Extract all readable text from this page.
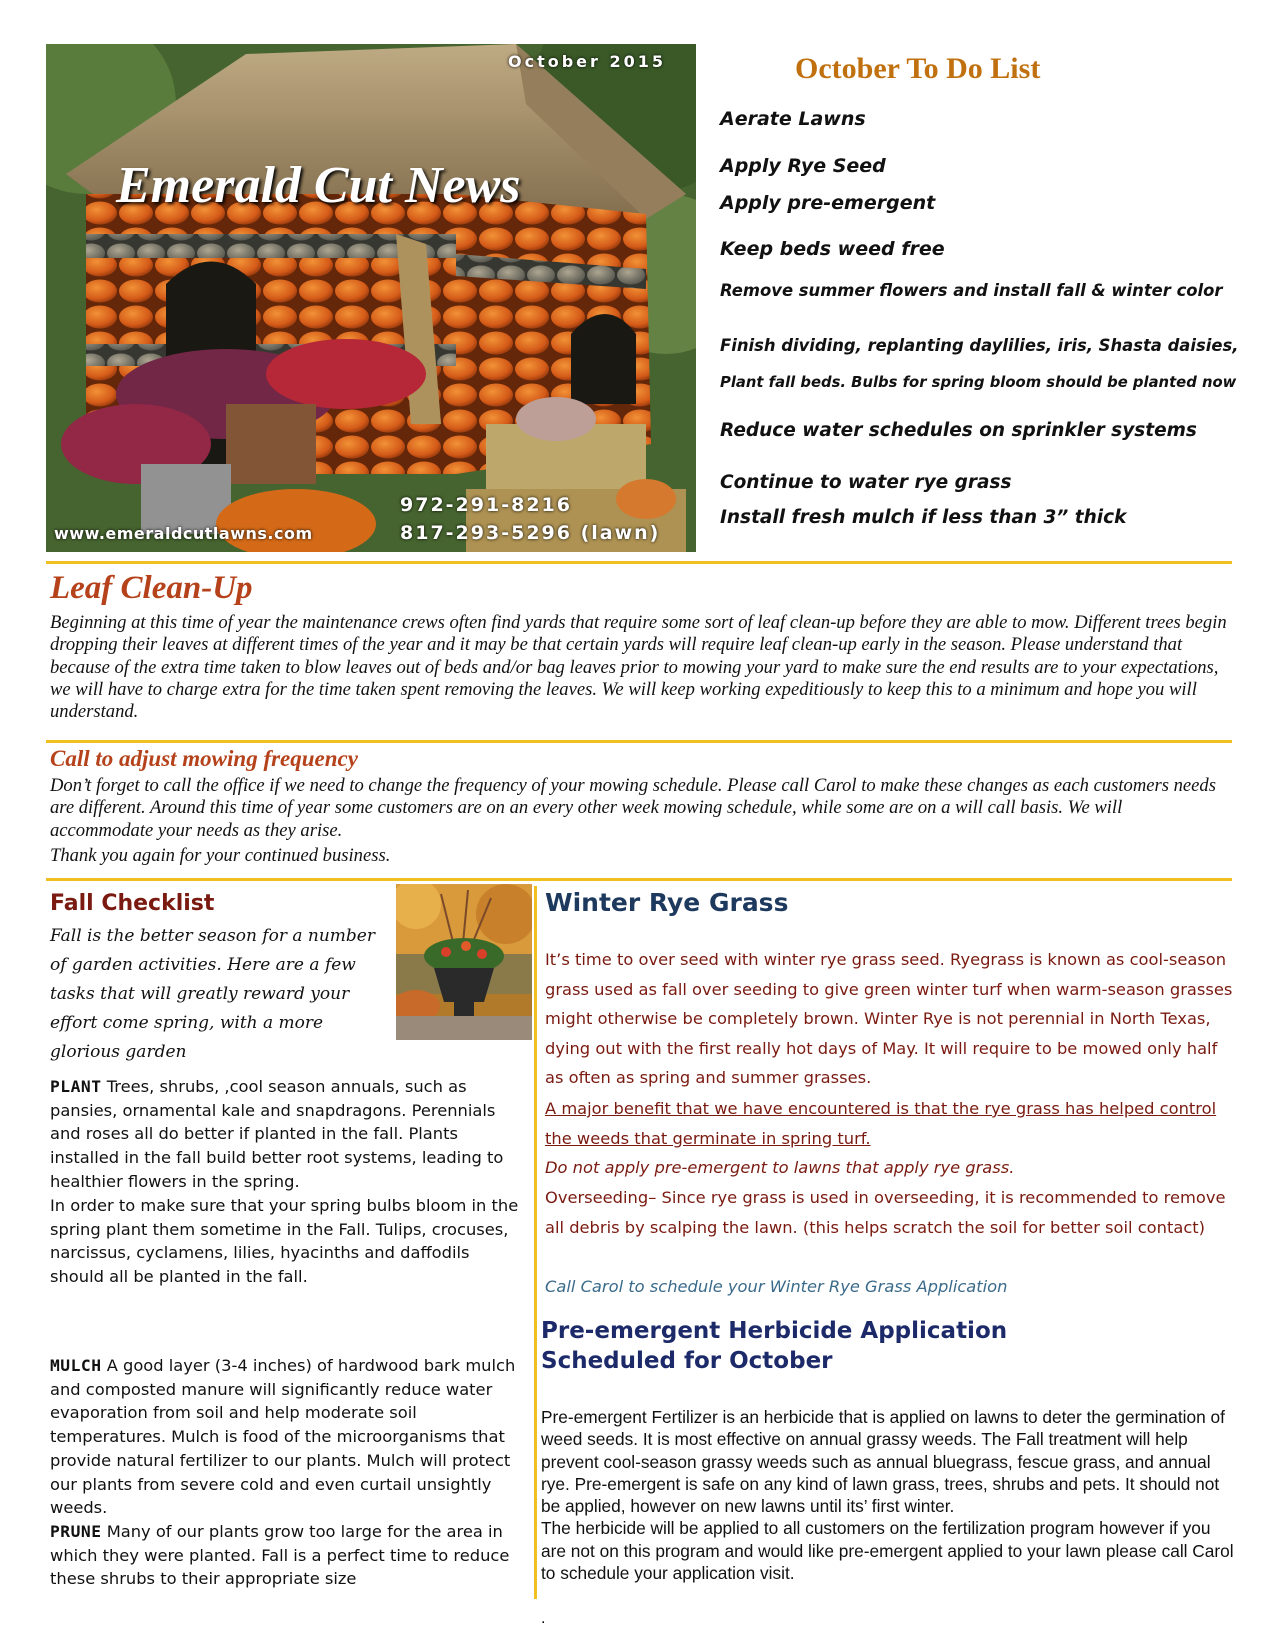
October 2015
Emerald Cut News
972-291-8216
817-293-5296 (lawn)
www.emeraldcutlawns.com
October To Do List
Aerate Lawns
Apply Rye Seed
Apply pre-emergent
Keep beds weed free
Remove summer flowers and install fall & winter color
Finish dividing, replanting daylilies, iris, Shasta daisies,
Plant fall beds. Bulbs for spring bloom should be planted now
Reduce water schedules on sprinkler systems
Continue to water rye grass
Install fresh mulch if less than 3” thick
Leaf Clean-Up

Beginning at this time of year the maintenance crews often find yards that require some sort of leaf clean-up before they are able to mow. Different trees begin dropping their leaves at different times of the year and it may be that certain yards will require leaf clean-up early in the season. Please understand that because of the extra time taken to blow leaves out of beds and/or bag leaves prior to mowing your yard to make sure the end results are to your expectations, we will have to charge extra for the time taken spent removing the leaves. We will keep working expeditiously to keep this to a minimum and hope you will understand.

Call to adjust mowing frequency

Don’t forget to call the office if we need to change the frequency of your mowing schedule. Please call Carol to make these changes as each customers needs are different. Around this time of year some customers are on an every other week mowing schedule, while some are on a will call basis. We will accommodate your needs as they arise.

Thank you again for your continued business.

Fall Checklist

Fall is the better season for a number of garden activities. Here are a few tasks that will greatly reward your effort come spring, with a more glorious garden

PLANT Trees, shrubs, ,cool season annuals, such as pansies, ornamental kale and snapdragons. Perennials and roses all do better if planted in the fall. Plants installed in the fall build better root systems, leading to healthier flowers in the spring.

In order to make sure that your spring bulbs bloom in the spring plant them sometime in the Fall. Tulips, crocuses, narcissus, cyclamens, lilies, hyacinths and daffodils should all be planted in the fall.

MULCH A good layer (3-4 inches) of hardwood bark mulch and composted manure will significantly reduce water evaporation from soil and help moderate soil temperatures. Mulch is food of the microorganisms that provide natural fertilizer to our plants. Mulch will protect our plants from severe cold and even curtail unsightly weeds.

PRUNE Many of our plants grow too large for the area in which they were planted. Fall is a perfect time to reduce these shrubs to their appropriate size

Winter Rye Grass

It’s time to over seed with winter rye grass seed. Ryegrass is known as cool-season grass used as fall over seeding to give green winter turf when warm-season grasses might otherwise be completely brown. Winter Rye is not perennial in North Texas, dying out with the first really hot days of May. It will require to be mowed only half as often as spring and summer grasses.

A major benefit that we have encountered is that the rye grass has helped control the weeds that germinate in spring turf.

Do not apply pre-emergent to lawns that apply rye grass.

Overseeding– Since rye grass is used in overseeding, it is recommended to remove all debris by scalping the lawn. (this helps scratch the soil for better soil contact)

Call Carol to schedule your Winter Rye Grass Application

Pre-emergent Herbicide Application
Scheduled for October
Pre-emergent Fertilizer is an herbicide that is applied on lawns to deter the germination of weed seeds. It is most effective on annual grassy weeds. The Fall treatment will help prevent cool-season grassy weeds such as annual bluegrass, fescue grass, and annual rye. Pre-emergent is safe on any kind of lawn grass, trees, shrubs and pets. It should not be applied, however on new lawns until its’ first winter.
The herbicide will be applied to all customers on the fertilization program however if you are not on this program and would like pre-emergent applied to your lawn please call Carol to schedule your application visit.
.
